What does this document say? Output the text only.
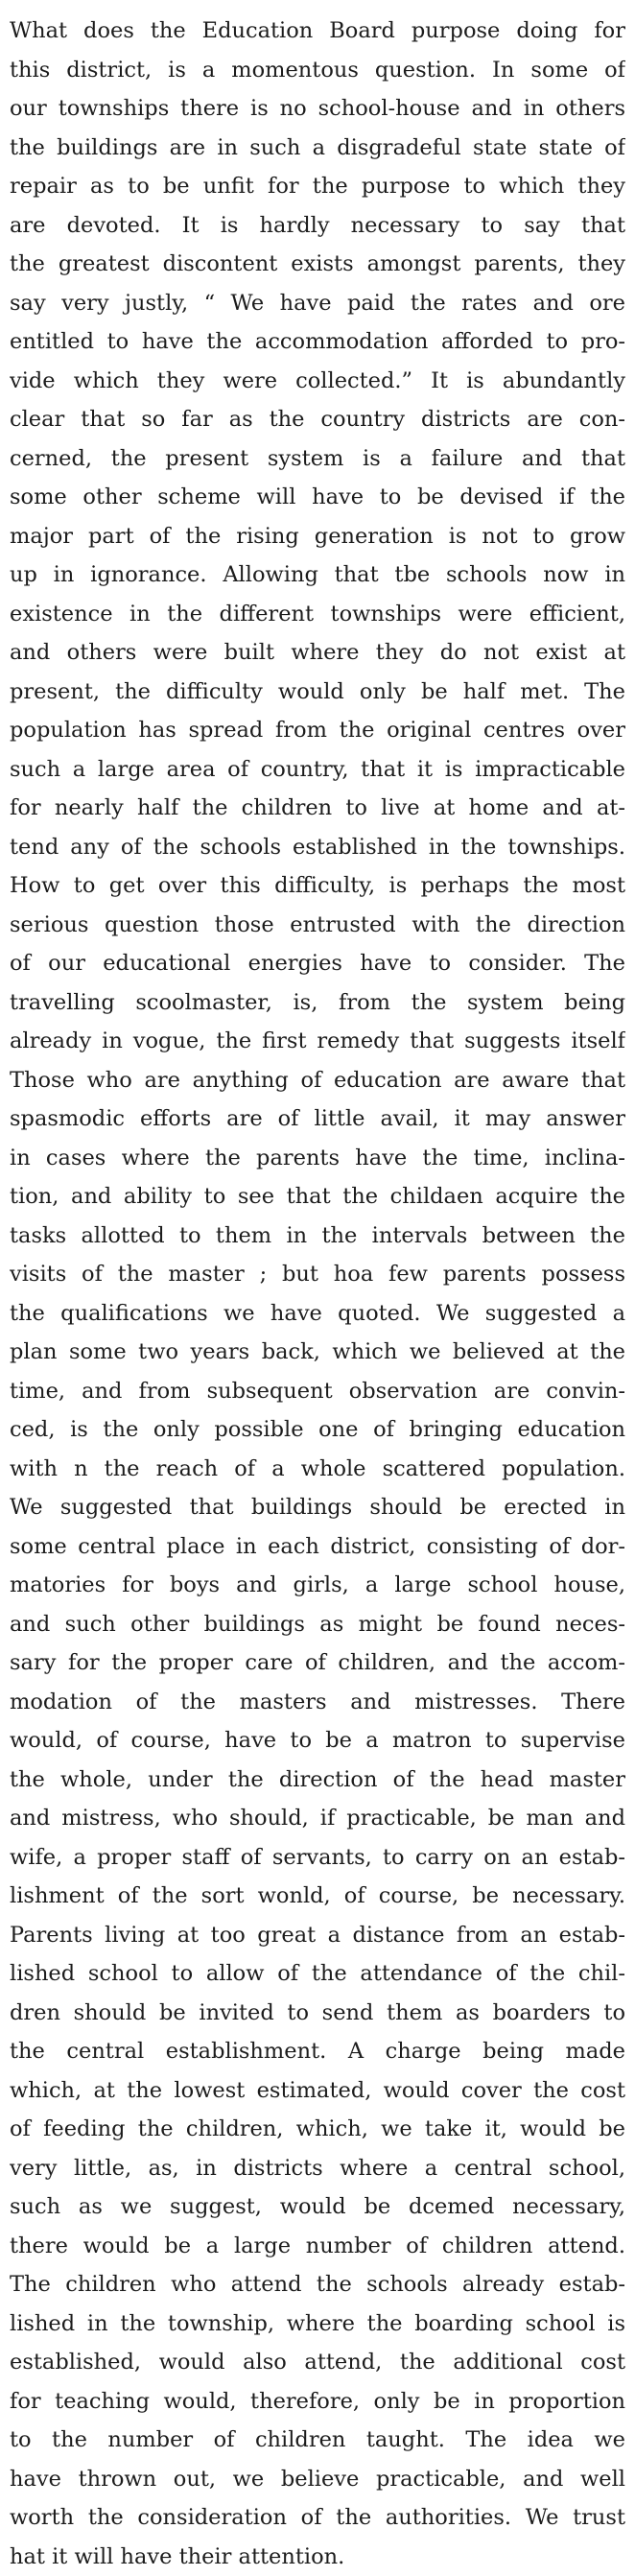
What does the Education Board purpose doing for
this district, is a momentous question. In some of
our townships there is no school-house and in others
the buildings are in such a disgradeful state state of
repair as to be unfit for the purpose to which they
are devoted. It is hardly necessary to say that
the greatest discontent exists amongst parents, they
say very justly, “ We have paid the rates and ore
entitled to have the accommodation afforded to pro-
vide which they were collected.” It is abundantly
clear that so far as the country districts are con-
cerned, the present system is a failure and that
some other scheme will have to be devised if the
major part of the rising generation is not to grow
up in ignorance. Allowing that tbe schools now in
existence in the different townships were efficient,
and others were built where they do not exist at
present, the difficulty would only be half met. The
population has spread from the original centres over
such a large area of country, that it is impracticable
for nearly half the children to live at home and at-
tend any of the schools established in the townships.
How to get over this difficulty, is perhaps the most
serious question those entrusted with the direction
of our educational energies have to consider. The
travelling scoolmaster, is, from the system being
already in vogue, the first remedy that suggests itself
Those who are anything of education are aware that
spasmodic efforts are of little avail, it may answer
in cases where the parents have the time, inclina-
tion, and ability to see that the childaen acquire the
tasks allotted to them in the intervals between the
visits of the master ; but hoa few parents possess
the qualifications we have quoted. We suggested a
plan some two years back, which we believed at the
time, and from subsequent observation are convin-
ced, is the only possible one of bringing education
with n the reach of a whole scattered population.
We suggested that buildings should be erected in
some central place in each district, consisting of dor-
matories for boys and girls, a large school house,
and such other buildings as might be found neces-
sary for the proper care of children, and the accom-
modation of the masters and mistresses. There
would, of course, have to be a matron to supervise
the whole, under the direction of the head master
and mistress, who should, if practicable, be man and
wife, a proper staff of servants, to carry on an estab-
lishment of the sort wonld, of course, be necessary.
Parents living at too great a distance from an estab-
lished school to allow of the attendance of the chil-
dren should be invited to send them as boarders to
the central establishment. A charge being made
which, at the lowest estimated, would cover the cost
of feeding the children, which, we take it, would be
very little, as, in districts where a central school,
such as we suggest, would be dcemed necessary,
there would be a large number of children attend.
The children who attend the schools already estab-
lished in the township, where the boarding school is
established, would also attend, the additional cost
for teaching would, therefore, only be in proportion
to the number of children taught. The idea we
have thrown out, we believe practicable, and well
worth the consideration of the authorities. We trust
hat it will have their attention.
